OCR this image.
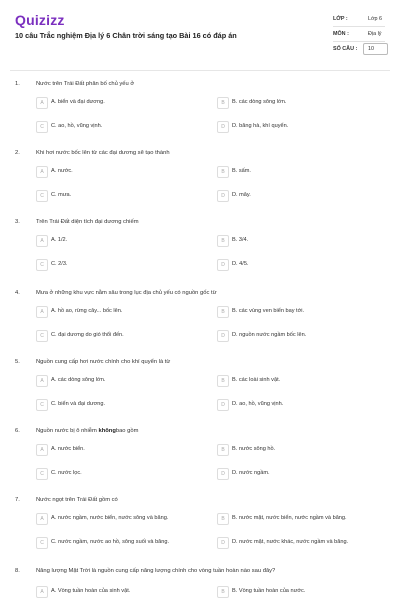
Quizizz
10 câu Trắc nghiệm Địa lý 6 Chân trời sáng tạo Bài 16 có đáp án
LỚP :	Lớp 6
MÔN :	Địa lý
SỐ CÂU : 10
1.	Nước trên Trái Đất phân bố chủ yếu ở
A	A. biển và đại dương.	B	B. các dòng sông lớn.
C	C. ao, hồ, vũng vịnh.	D	D. băng hà, khí quyển.
2.	Khi hơi nước bốc lên từ các đại dương sẽ tạo thành
A	A. nước.	B	B. sấm.
C	C. mưa.	D	D. mây.
3.	Trên Trái Đất diện tích đại dương chiếm
A	A. 1/2.	B	B. 3/4.
C	C. 2/3.	D	D. 4/5.
4.	Mưa ở những khu vực nằm sâu trong lục địa chủ yếu có nguồn gốc từ
A	A. hồ ao, rừng cây... bốc lên.	B	B. các vùng ven biển bay tới.
C	C. đại dương do gió thổi đến.	D	D. nguồn nước ngầm bốc lên.
5.	Nguồn cung cấp hơi nước chính cho khí quyển là từ
A	A. các dòng sông lớn.	B	B. các loài sinh vật.
C	C. biển và đại dương.	D	D. ao, hồ, vũng vịnh.
6.	Nguồn nước bị ô nhiễm khôngbao gồm
A	A. nước biển.	B	B. nước sông hồ.
C	C. nước lọc.	D	D. nước ngầm.
7.	Nước ngọt trên Trái Đất gồm có
A	A. nước ngầm, nước biển, nước sông và băng.	B	B. nước mặt, nước biển, nước ngầm và băng.
C	C. nước ngầm, nước ao hồ, sông suối và băng.	D	D. nước mặt, nước khác, nước ngầm và băng.
8.	Năng lượng Mặt Trời là nguồn cung cấp năng lượng chính cho vòng tuần hoàn nào sau đây?
A	A. Vòng tuần hoàn của sinh vật.	B	B. Vòng tuần hoàn của nước.
